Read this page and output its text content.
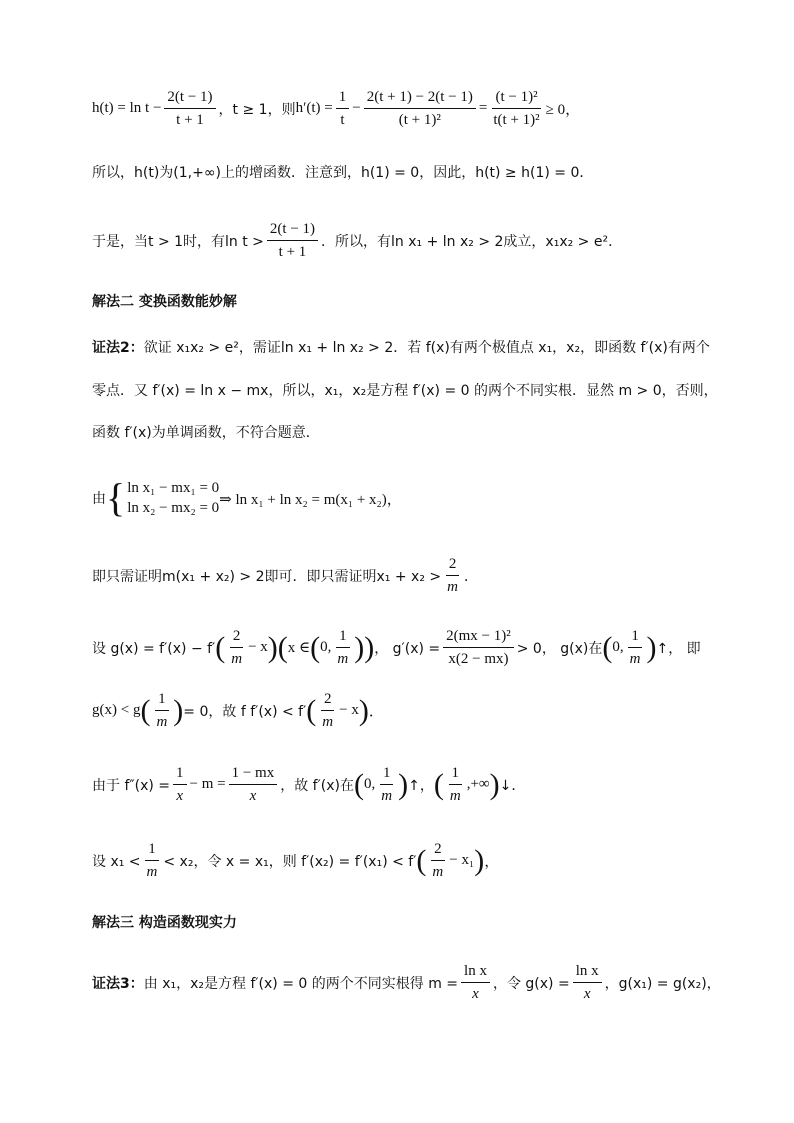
$h(t) = \ln t - \frac{2(t - 1)}{t + 1}$ ，t ≥ 1，则 $h'(t) = \frac{1}{t} - \frac{2(t + 1) - 2(t - 1)}{\text{(t + 1)²}} = \frac{\text{(t − 1)²}}{\text{t(t + 1)²}} \ge 0$，
所以，h(t)为(1,+∞)上的增函数．注意到，h(1) = 0，因此，h(t) ≥ h(1) = 0．
于是，当t > 1时，有$\ln t > \frac{2(t - 1)}{t + 1}$ ．所以，有ln x₁ + ln x₂ > 2成立，x₁x₂ > e²．
解法二 变换函数能妙解
证法2： 欲证 x₁x₂ > e²，需证ln x₁ + ln x₂ > 2．若 f(x)有两个极值点 x₁，x₂，即函数 f′(x)有两个
零点．又 f′(x) = ln x − mx，所以，x₁，x₂是方程 f′(x) = 0 的两个不同实根．显然 m > 0，否则，
函数 f′(x)为单调函数，不符合题意．
由 { ln x₁ − mx₁ = 0
ln x₂ − mx₂ = 0
⇒ ln x₁ + ln x₂ = m(x₁ + x₂)，
即只需证明m(x₁ + x₂) > 2即可．即只需证明$x_1 + x_2 > \frac{2}{m}$ ．
设 g(x) = f′(x) − f′ ( $\frac{2}{m} - x$ )( x ∈ ( 0, $\frac{1}{m}$ )) ， $g'(x) = \frac{\text{2(mx − 1)²}}{x(2 - mx)} > 0$， g(x)在 ( 0, $\frac{1}{m}$ ) ↑， 即
g(x) < g ( $\frac{1}{m}$ ) = 0，故 f f′(x) < f′ ( $\frac{2}{m} - x$ ) ．
由于 $f''(x) = \frac{1}{x} - m = \frac{1 - mx}{x}$ ，故 f′(x)在 ( 0, $\frac{1}{m}$ ) ↑， ( $\frac{1}{m}$ ,+∞ ) ↓．
设 $x_1 < \frac{1}{m} < x_2$，令 x = x₁，则 f′(x₂) = f′(x₁) < f′ ( $\frac{2}{m} - x_1$ ) ，
解法三 构造函数现实力
证法3： 由 x₁，x₂是方程 f′(x) = 0 的两个不同实根得 $m = \frac{\text{ln x}}{x}$ ，令 $g(x) = \frac{\text{ln x}}{x}$ ，g(x₁) = g(x₂)，
